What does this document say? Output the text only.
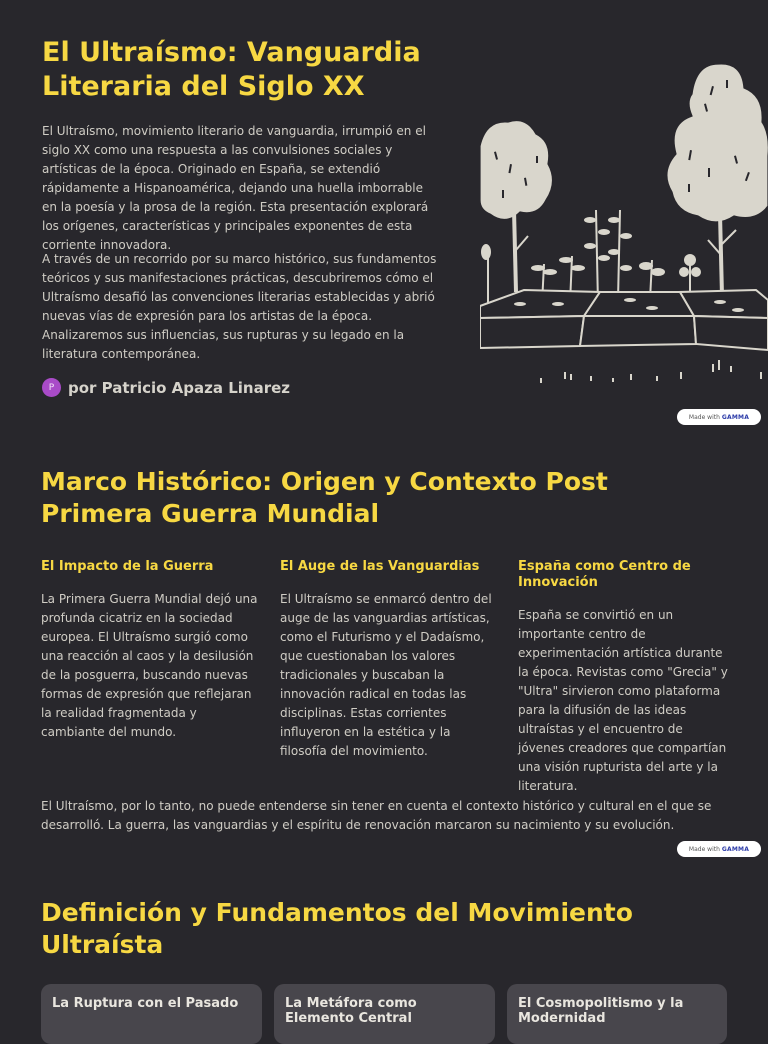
El Ultraísmo: Vanguardia
Literaria del Siglo XX

El Ultraísmo, movimiento literario de vanguardia, irrumpió en el siglo XX como una respuesta a las convulsiones sociales y artísticas de la época. Originado en España, se extendió rápidamente a Hispanoamérica, dejando una huella imborrable en la poesía y la prosa de la región. Esta presentación explorará los orígenes, características y principales exponentes de esta corriente innovadora.

A través de un recorrido por su marco histórico, sus fundamentos teóricos y sus manifestaciones prácticas, descubriremos cómo el Ultraísmo desafió las convenciones literarias establecidas y abrió nuevas vías de expresión para los artistas de la época. Analizaremos sus influencias, sus rupturas y su legado en la literatura contemporánea.

P por Patricio Apaza Linarez
Made with GAMMA
Marco Histórico: Origen y Contexto Post
Primera Guerra Mundial

El Impacto de la Guerra

La Primera Guerra Mundial dejó una profunda cicatriz en la sociedad europea. El Ultraísmo surgió como una reacción al caos y la desilusión de la posguerra, buscando nuevas formas de expresión que reflejaran la realidad fragmentada y cambiante del mundo.

El Auge de las Vanguardias

El Ultraísmo se enmarcó dentro del auge de las vanguardias artísticas, como el Futurismo y el Dadaísmo, que cuestionaban los valores tradicionales y buscaban la innovación radical en todas las disciplinas. Estas corrientes influyeron en la estética y la filosofía del movimiento.

España como Centro de
Innovación

España se convirtió en un importante centro de experimentación artística durante la época. Revistas como "Grecia" y "Ultra" sirvieron como plataforma para la difusión de las ideas ultraístas y el encuentro de jóvenes creadores que compartían una visión rupturista del arte y la literatura.

El Ultraísmo, por lo tanto, no puede entenderse sin tener en cuenta el contexto histórico y cultural en el que se desarrolló. La guerra, las vanguardias y el espíritu de renovación marcaron su nacimiento y su evolución.

Made with GAMMA
Definición y Fundamentos del Movimiento
Ultraísta

La Ruptura con el Pasado	La Metáfora como
Elemento Central

El Cosmopolitismo y la
Modernidad
